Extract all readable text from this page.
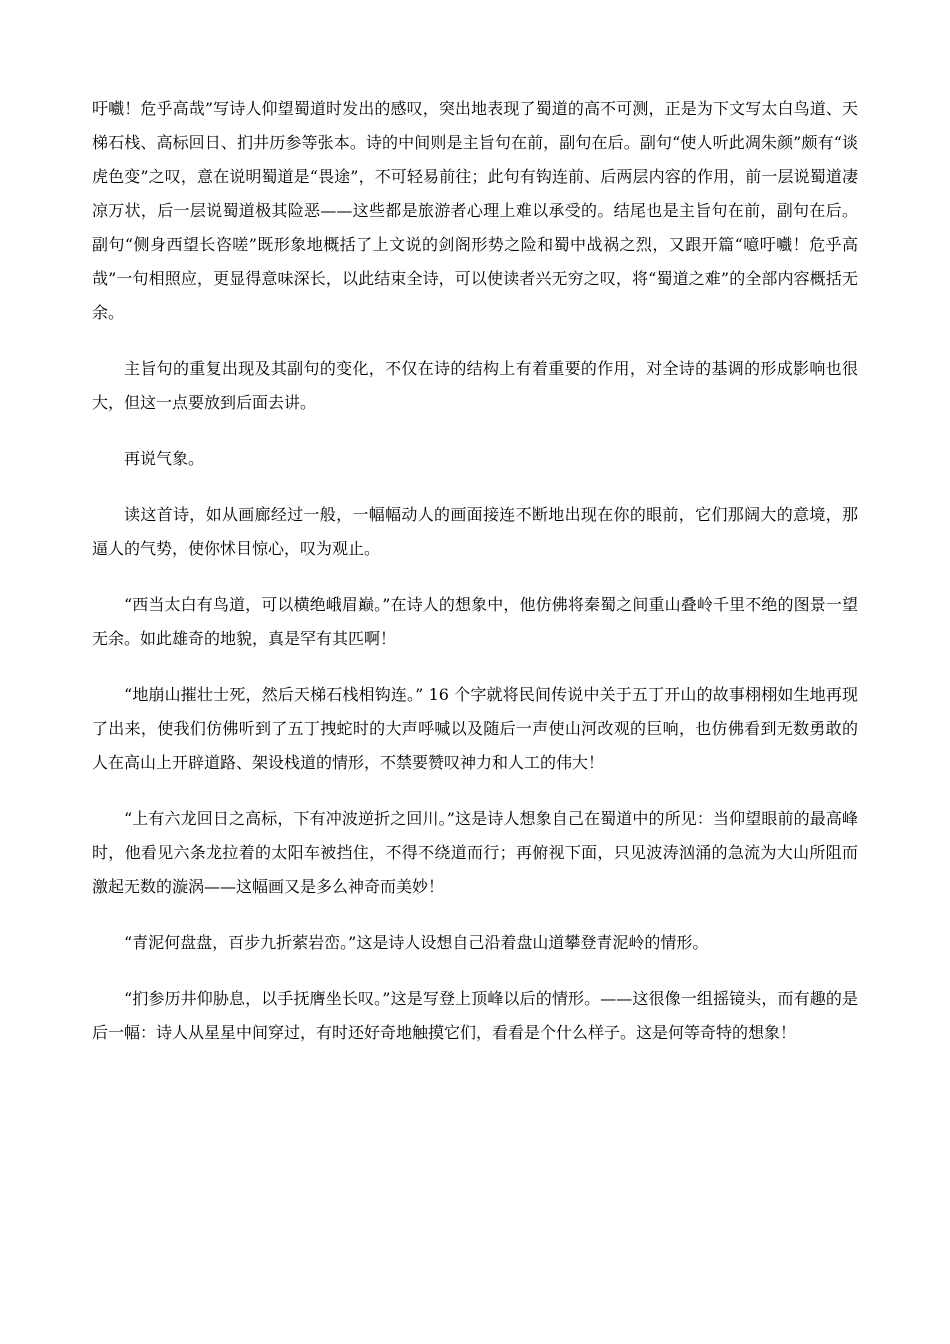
吁嚱！危乎高哉”写诗人仰望蜀道时发出的感叹，突出地表现了蜀道的高不可测，正是为下文写太白鸟道、天梯石栈、高标回日、扪井历参等张本。诗的中间则是主旨句在前，副句在后。副句“使人听此凋朱颜”颇有“谈虎色变”之叹，意在说明蜀道是“畏途”，不可轻易前往；此句有钩连前、后两层内容的作用，前一层说蜀道凄凉万状，后一层说蜀道极其险恶——这些都是旅游者心理上难以承受的。结尾也是主旨句在前，副句在后。副句“侧身西望长咨嗟”既形象地概括了上文说的剑阁形势之险和蜀中战祸之烈，又跟开篇“噫吁嚱！危乎高哉”一句相照应，更显得意味深长，以此结束全诗，可以使读者兴无穷之叹，将“蜀道之难”的全部内容概括无余。

主旨句的重复出现及其副句的变化，不仅在诗的结构上有着重要的作用，对全诗的基调的形成影响也很大，但这一点要放到后面去讲。

再说气象。

读这首诗，如从画廊经过一般，一幅幅动人的画面接连不断地出现在你的眼前，它们那阔大的意境，那逼人的气势，使你怵目惊心，叹为观止。

“西当太白有鸟道，可以横绝峨眉巅。”在诗人的想象中，他仿佛将秦蜀之间重山叠岭千里不绝的图景一望无余。如此雄奇的地貌，真是罕有其匹啊！

“地崩山摧壮士死，然后天梯石栈相钩连。” 16 个字就将民间传说中关于五丁开山的故事栩栩如生地再现了出来，使我们仿佛听到了五丁拽蛇时的大声呼喊以及随后一声使山河改观的巨响，也仿佛看到无数勇敢的人在高山上开辟道路、架设栈道的情形，不禁要赞叹神力和人工的伟大！

“上有六龙回日之高标，下有冲波逆折之回川。”这是诗人想象自己在蜀道中的所见：当仰望眼前的最高峰时，他看见六条龙拉着的太阳车被挡住，不得不绕道而行；再俯视下面，只见波涛汹涌的急流为大山所阻而激起无数的漩涡——这幅画又是多么神奇而美妙！

“青泥何盘盘，百步九折萦岩峦。”这是诗人设想自己沿着盘山道攀登青泥岭的情形。

“扪参历井仰胁息，以手抚膺坐长叹。”这是写登上顶峰以后的情形。——这很像一组摇镜头，而有趣的是后一幅：诗人从星星中间穿过，有时还好奇地触摸它们，看看是个什么样子。这是何等奇特的想象！
